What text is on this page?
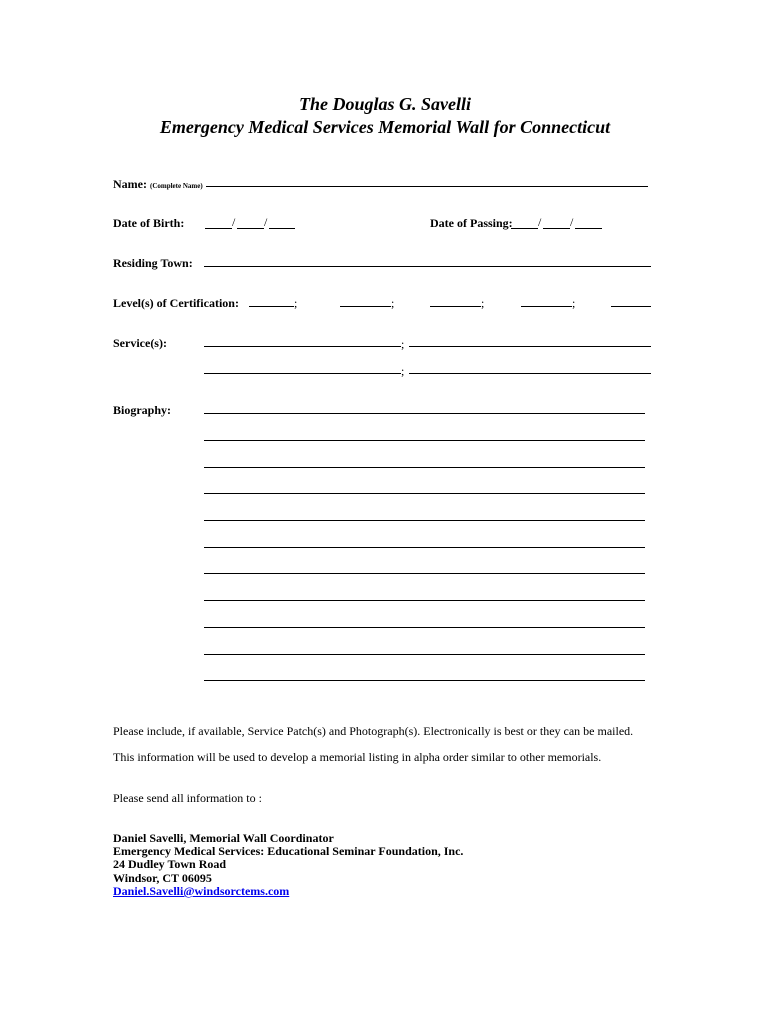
The Douglas G. Savelli
Emergency Medical Services Memorial Wall for Connecticut
Name: (Complete Name)
Date of Birth:	/ /	Date of Passing: / /
Residing Town:
Level(s) of Certification:	;	;	;	;
Service(s):	;
;
Biography:
Please include, if available, Service Patch(s) and Photograph(s). Electronically is best or they can be mailed.
This information will be used to develop a memorial listing in alpha order similar to other memorials.
Please send all information to :
Daniel Savelli, Memorial Wall Coordinator
Emergency Medical Services: Educational Seminar Foundation, Inc.
24 Dudley Town Road
Windsor, CT 06095
Daniel.Savelli@windsorctems.com
